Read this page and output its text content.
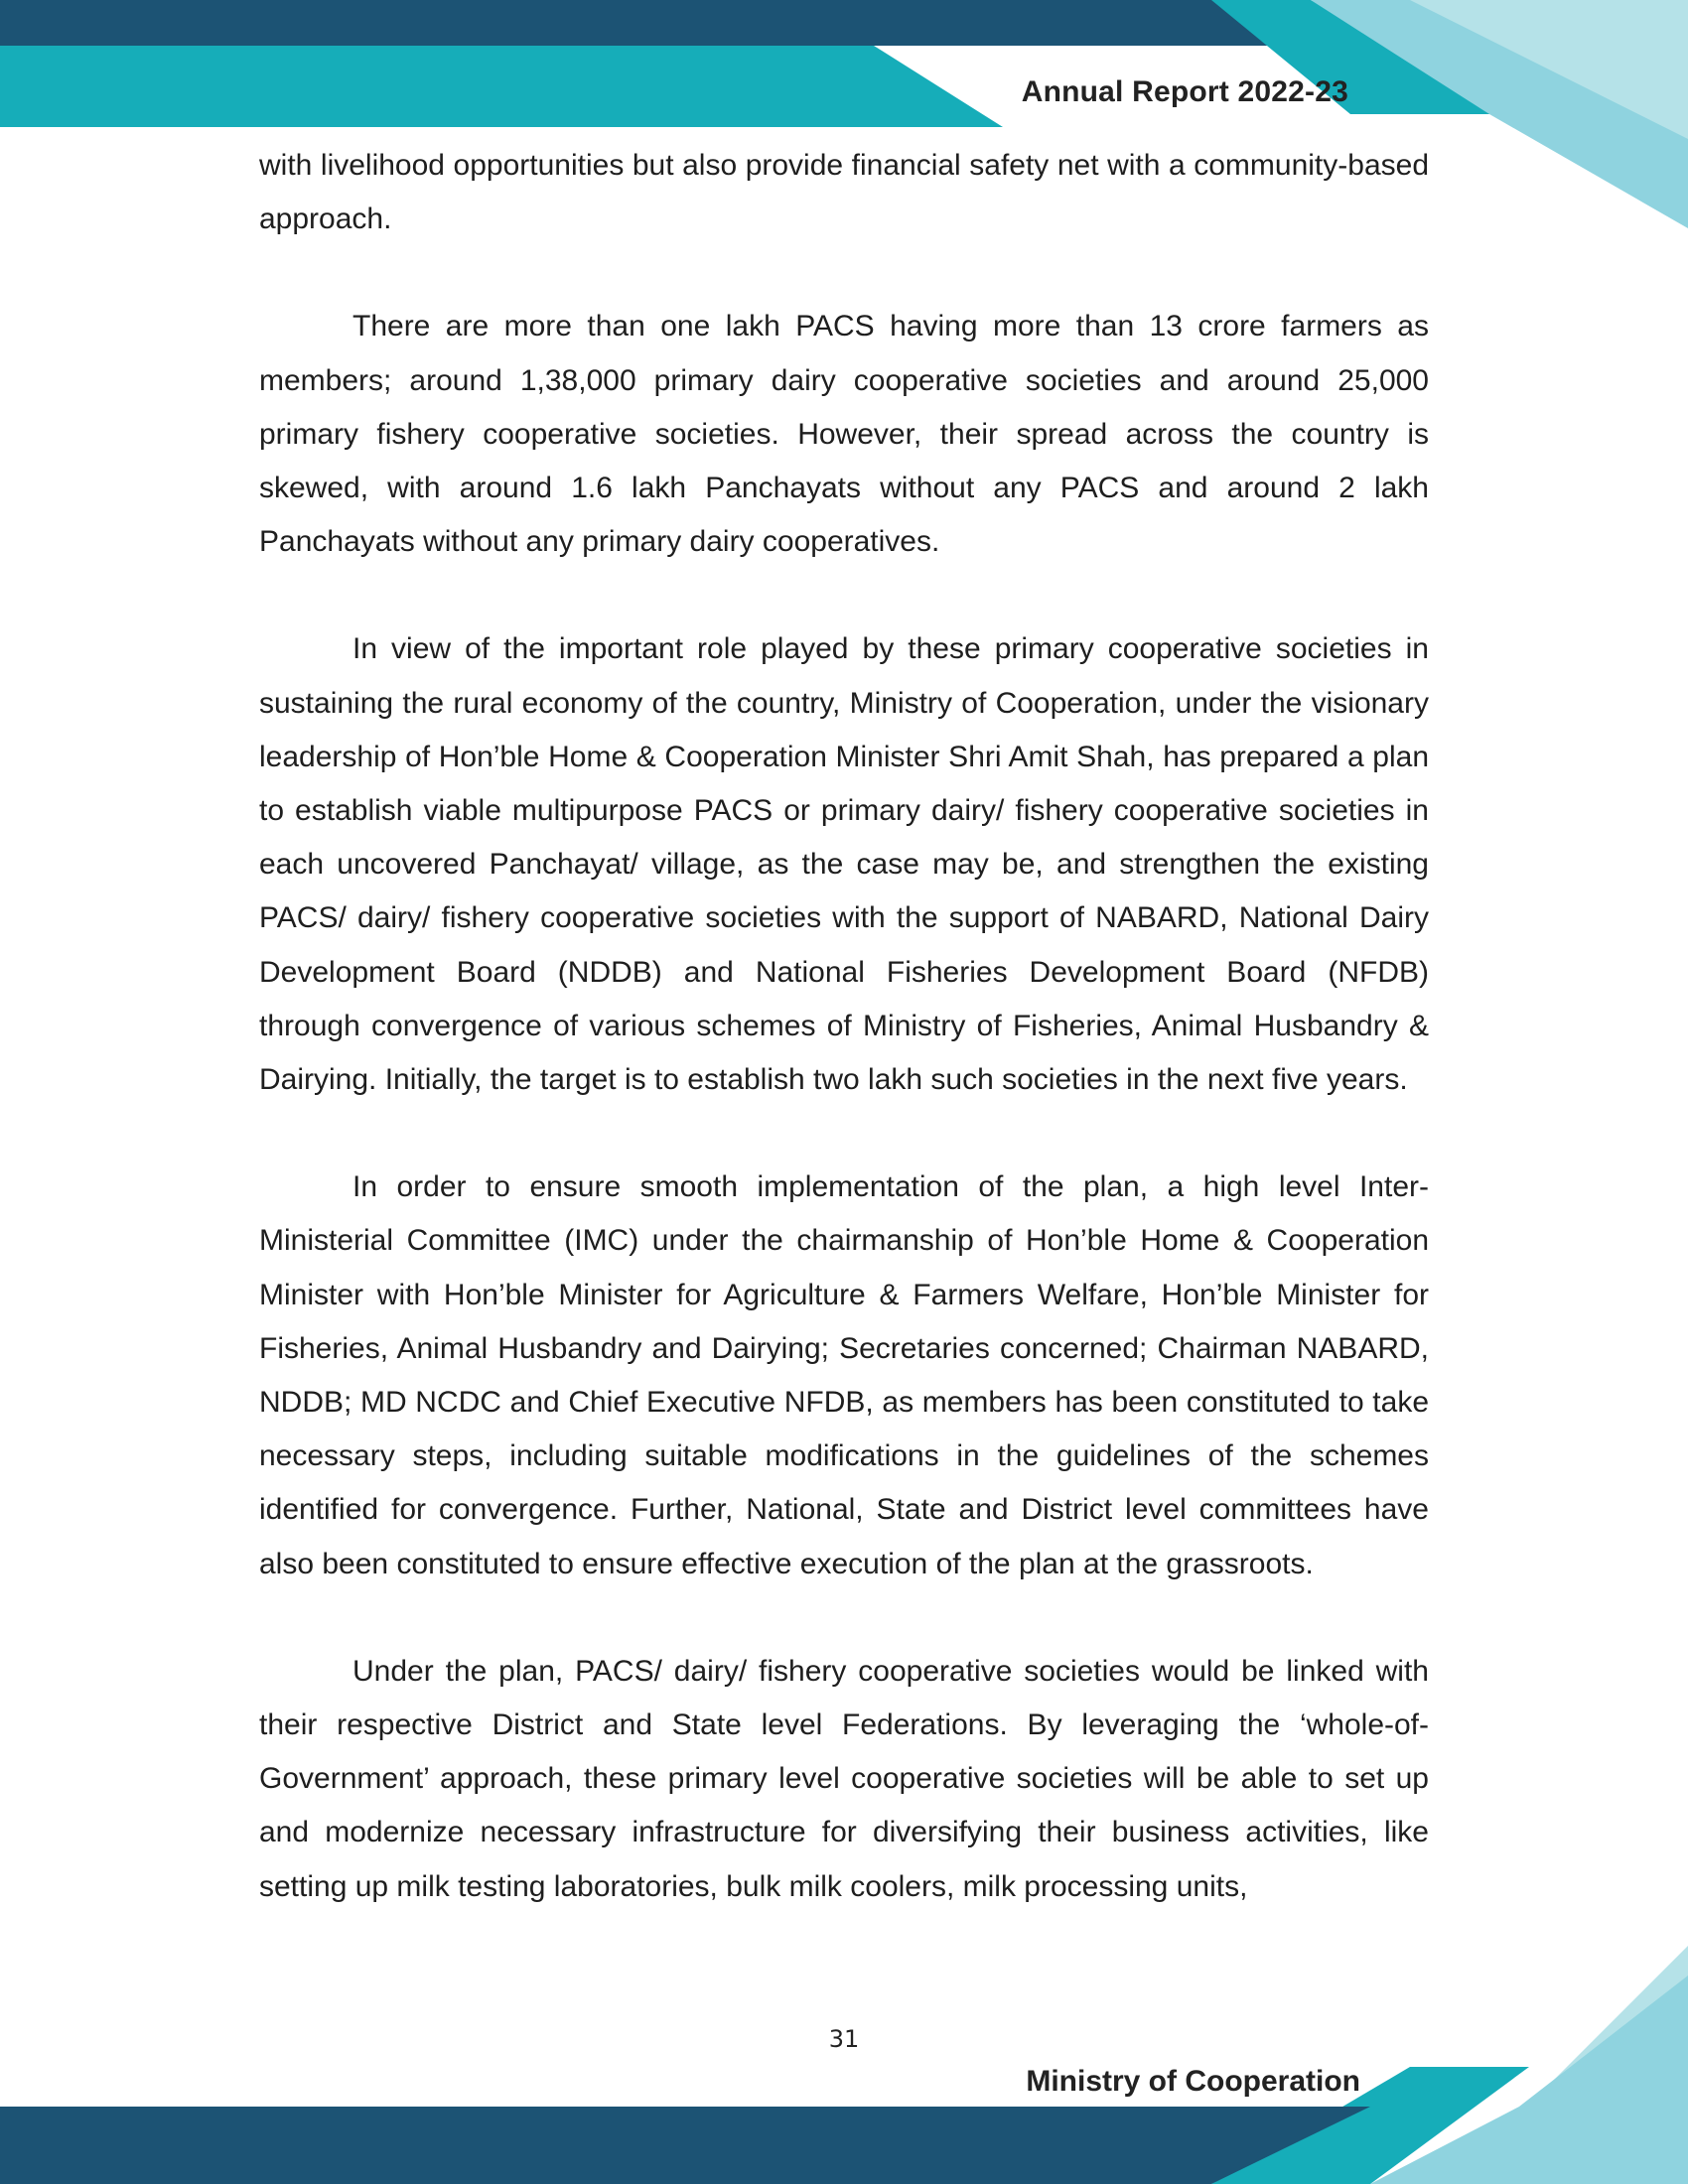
Annual Report 2022-23

with livelihood opportunities but also provide financial safety net with a community-based approach.

There are more than one lakh PACS having more than 13 crore farmers as members; around 1,38,000 primary dairy cooperative societies and around 25,000 primary fishery cooperative societies. However, their spread across the country is skewed, with around 1.6 lakh Panchayats without any PACS and around 2 lakh Panchayats without any primary dairy cooperatives.

In view of the important role played by these primary cooperative societies in sustaining the rural economy of the country, Ministry of Cooperation, under the visionary leadership of Hon’ble Home & Cooperation Minister Shri Amit Shah, has prepared a plan to establish viable multipurpose PACS or primary dairy/ fishery cooperative societies in each uncovered Panchayat/ village, as the case may be, and strengthen the existing PACS/ dairy/ fishery cooperative societies with the support of NABARD, National Dairy Development Board (NDDB) and National Fisheries Development Board (NFDB) through convergence of various schemes of Ministry of Fisheries, Animal Husbandry & Dairying. Initially, the target is to establish two lakh such societies in the next five years.

In order to ensure smooth implementation of the plan, a high level Inter-Ministerial Committee (IMC) under the chairmanship of Hon’ble Home & Cooperation Minister with Hon’ble Minister for Agriculture & Farmers Welfare, Hon’ble Minister for Fisheries, Animal Husbandry and Dairying; Secretaries concerned; Chairman NABARD, NDDB; MD NCDC and Chief Executive NFDB, as members has been constituted to take necessary steps, including suitable modifications in the guidelines of the schemes identified for convergence. Further, National, State and District level committees have also been constituted to ensure effective execution of the plan at the grassroots.

Under the plan, PACS/ dairy/ fishery cooperative societies would be linked with their respective District and State level Federations. By leveraging the ‘whole-of-Government’ approach, these primary level cooperative societies will be able to set up and modernize necessary infrastructure for diversifying their business activities, like setting up milk testing laboratories, bulk milk coolers, milk processing units,

31
Ministry of Cooperation
